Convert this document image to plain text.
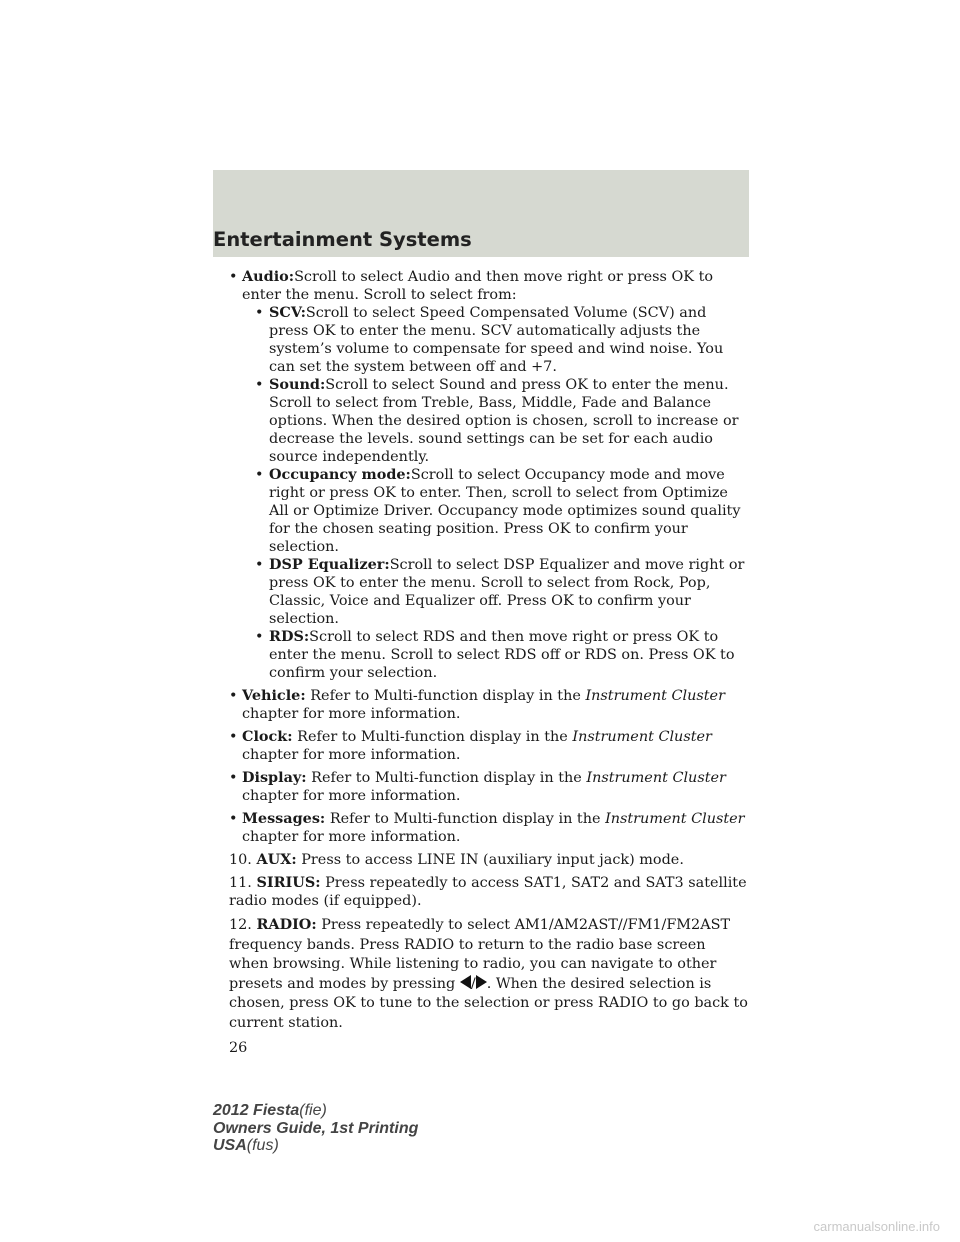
Entertainment Systems

• Audio:Scroll to select Audio and then move right or press OK to enter the menu. Scroll to select from:

• SCV:Scroll to select Speed Compensated Volume (SCV) and press OK to enter the menu. SCV automatically adjusts the system’s volume to compensate for speed and wind noise. You can set the system between off and +7.

• Sound:Scroll to select Sound and press OK to enter the menu. Scroll to select from Treble, Bass, Middle, Fade and Balance options. When the desired option is chosen, scroll to increase or decrease the levels. sound settings can be set for each audio source independently.

• Occupancy mode:Scroll to select Occupancy mode and move right or press OK to enter. Then, scroll to select from Optimize All or Optimize Driver. Occupancy mode optimizes sound quality for the chosen seating position. Press OK to confirm your selection.

• DSP Equalizer:Scroll to select DSP Equalizer and move right or press OK to enter the menu. Scroll to select from Rock, Pop, Classic, Voice and Equalizer off. Press OK to confirm your selection.

• RDS:Scroll to select RDS and then move right or press OK to enter the menu. Scroll to select RDS off or RDS on. Press OK to confirm your selection.

• Vehicle: Refer to Multi-function display in the Instrument Cluster
chapter for more information.

• Clock: Refer to Multi-function display in the Instrument Cluster
chapter for more information.

• Display: Refer to Multi-function display in the Instrument Cluster
chapter for more information.

• Messages: Refer to Multi-function display in the Instrument Cluster
chapter for more information.

10. AUX: Press to access LINE IN (auxiliary input jack) mode.

11. SIRIUS: Press repeatedly to access SAT1, SAT2 and SAT3 satellite radio modes (if equipped).

12. RADIO: Press repeatedly to select AM1/AM2AST//FM1/FM2AST frequency bands. Press RADIO to return to the radio base screen when browsing. While listening to radio, you can navigate to other presets and modes by pressing / . When the desired selection is chosen, press OK to tune to the selection or press RADIO to go back to current station.

26

2012 Fiesta(fie)
Owners Guide, 1st Printing
USA(fus)
carmanualsonline.info
